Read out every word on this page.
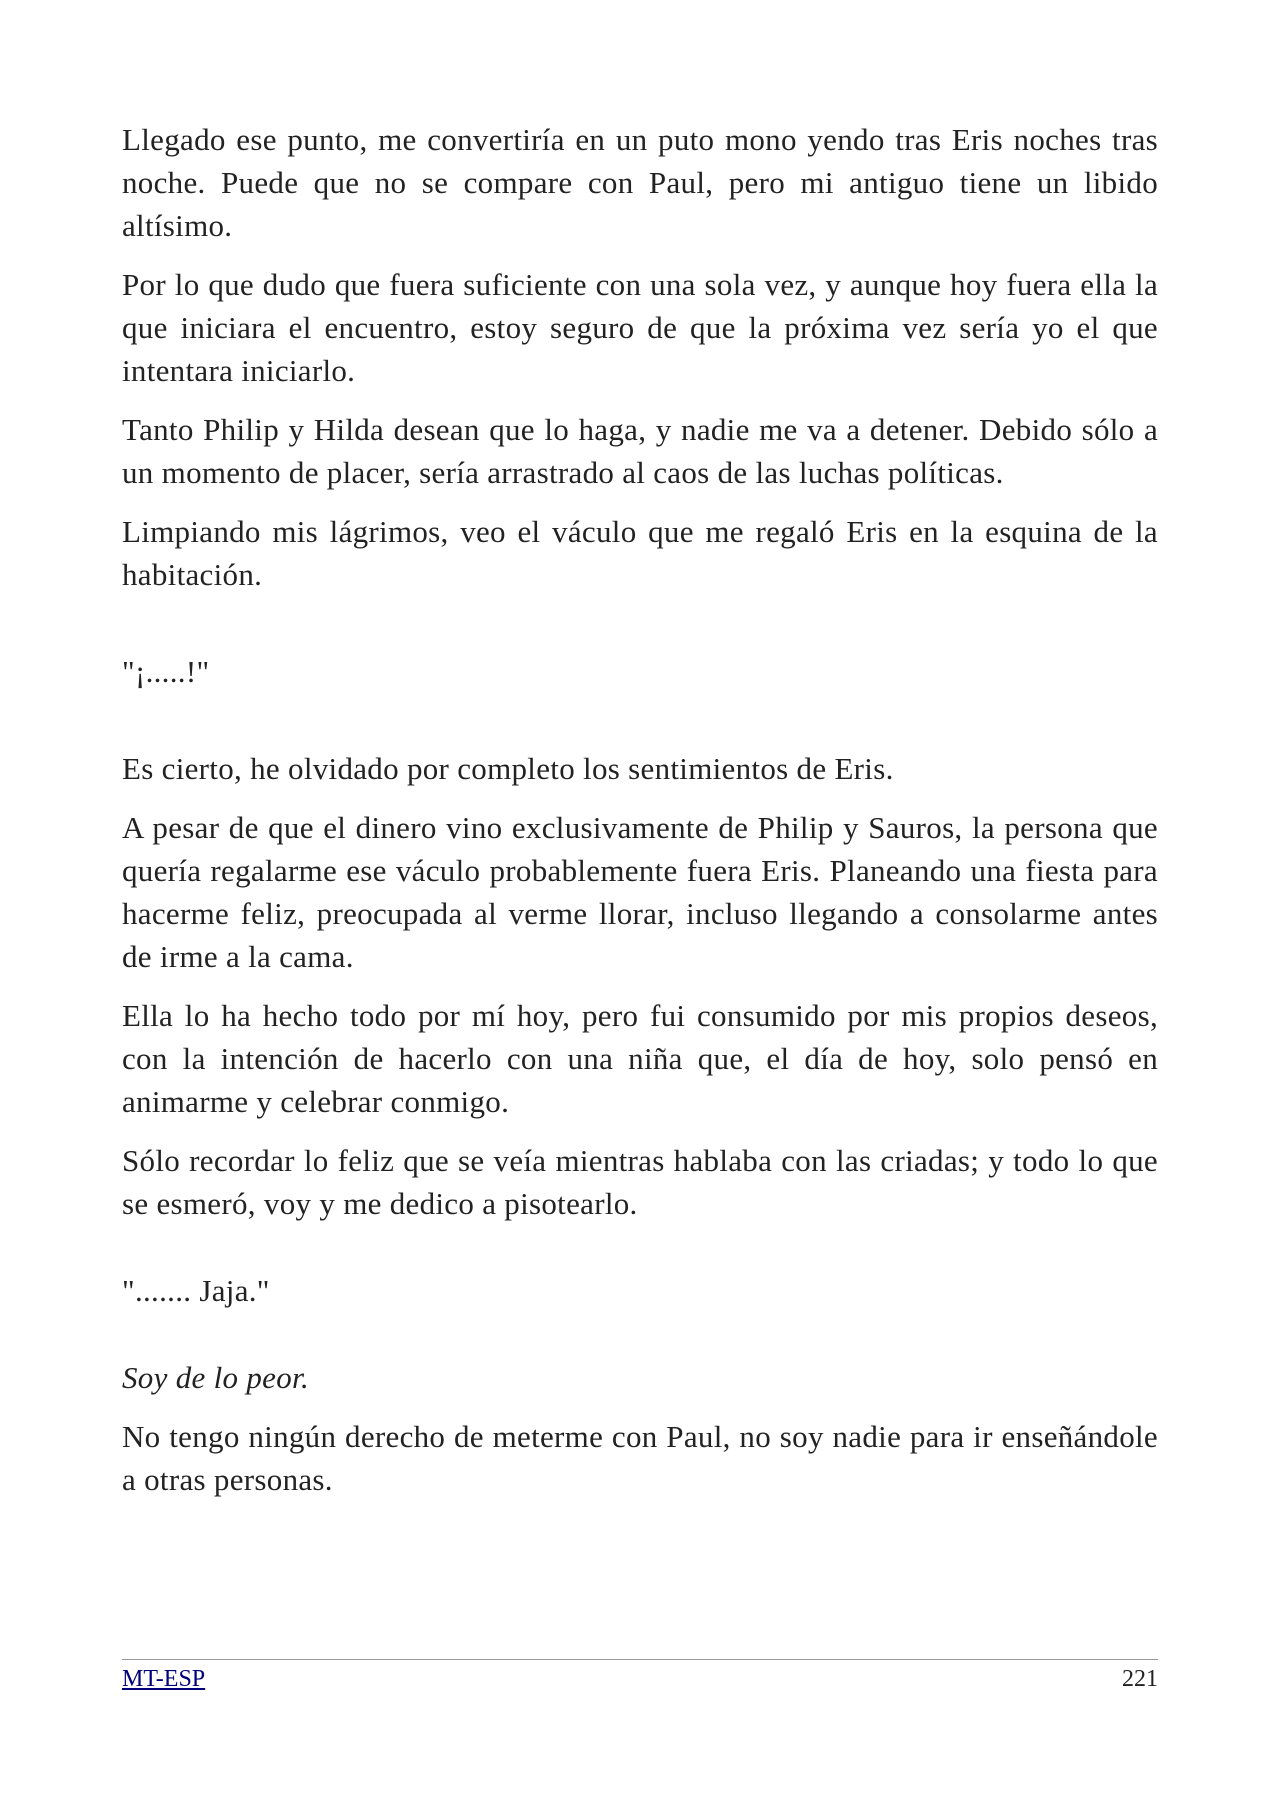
Llegado ese punto, me convertiría en un puto mono yendo tras Eris noches tras noche. Puede que no se compare con Paul, pero mi antiguo tiene un libido altísimo.

Por lo que dudo que fuera suficiente con una sola vez, y aunque hoy fuera ella la que iniciara el encuentro, estoy seguro de que la próxima vez sería yo el que intentara iniciarlo.

Tanto Philip y Hilda desean que lo haga, y nadie me va a detener. Debido sólo a un momento de placer, sería arrastrado al caos de las luchas políticas.

Limpiando mis lágrimos, veo el váculo que me regaló Eris en la esquina de la habitación.

"¡.....!"

Es cierto, he olvidado por completo los sentimientos de Eris.

A pesar de que el dinero vino exclusivamente de Philip y Sauros, la persona que quería regalarme ese váculo probablemente fuera Eris. Planeando una fiesta para hacerme feliz, preocupada al verme llorar, incluso llegando a consolarme antes de irme a la cama.

Ella lo ha hecho todo por mí hoy, pero fui consumido por mis propios deseos, con la intención de hacerlo con una niña que, el día de hoy, solo pensó en animarme y celebrar conmigo.

Sólo recordar lo feliz que se veía mientras hablaba con las criadas; y todo lo que se esmeró, voy y me dedico a pisotearlo.

"....... Jaja."

Soy de lo peor.

No tengo ningún derecho de meterme con Paul, no soy nadie para ir enseñándole a otras personas.

MT-ESP	221
